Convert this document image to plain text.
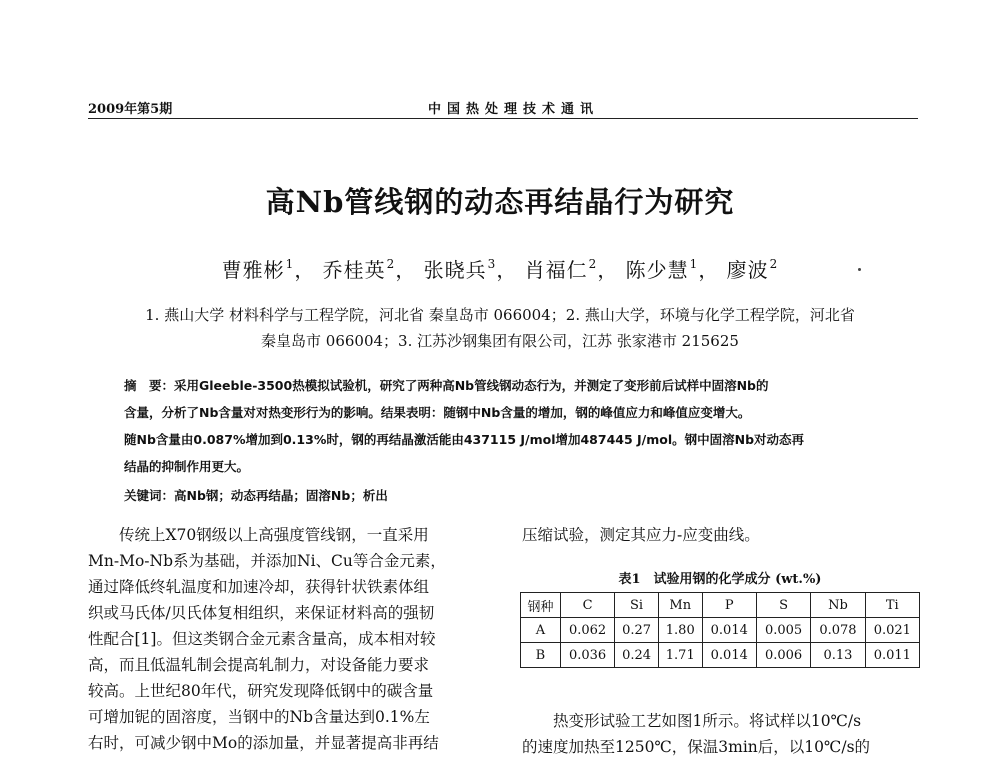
2009年第5期	中国热处理技术通讯
高Nb管线钢的动态再结晶行为研究
曹雅彬$^1$， 乔桂英$^2$， 张晓兵$^3$， 肖福仁$^2$， 陈少慧$^1$， 廖波$^2$
1. 燕山大学 材料科学与工程学院，河北省 秦皇岛市 066004；2. 燕山大学，环境与化学工程学院，河北省
秦皇岛市 066004；3. 江苏沙钢集团有限公司，江苏 张家港市 215625

摘　要：采用Gleeble-3500热模拟试验机，研究了两种高Nb管线钢动态行为，并测定了变形前后试样中固溶Nb的

含量，分析了Nb含量对对热变形行为的影响。结果表明：随钢中Nb含量的增加，钢的峰值应力和峰值应变增大。

随Nb含量由0.087%增加到0.13%时，钢的再结晶激活能由437115 J/mol增加487445 J/mol。钢中固溶Nb对动态再

结晶的抑制作用更大。

关键词：高Nb钢；动态再结晶；固溶Nb；析出

传统上X70钢级以上高强度管线钢，一直采用

Mn-Mo-Nb系为基础，并添加Ni、Cu等合金元素，
通过降低终轧温度和加速冷却，获得针状铁素体组
织或马氏体/贝氏体复相组织，来保证材料高的强韧
性配合[1]。但这类钢合金元素含量高，成本相对较
高，而且低温轧制会提高轧制力，对设备能力要求
较高。上世纪80年代，研究发现降低钢中的碳含量
可增加铌的固溶度，当钢中的Nb含量达到0.1%左
右时，可减少钢中Mo的添加量，并显著提高非再结
压缩试验，测定其应力-应变曲线。
表1　试验用钢的化学成分 (wt.%)
钢种	C	Si	Mn	P	S	Nb	Ti
A	0.062	0.27	1.80	0.014	0.005	0.078	0.021
B	0.036	0.24	1.71	0.014	0.006	0.13	0.011

热变形试验工艺如图1所示。将试样以10℃/s

的速度加热至1250℃，保温3min后，以10℃/s的
